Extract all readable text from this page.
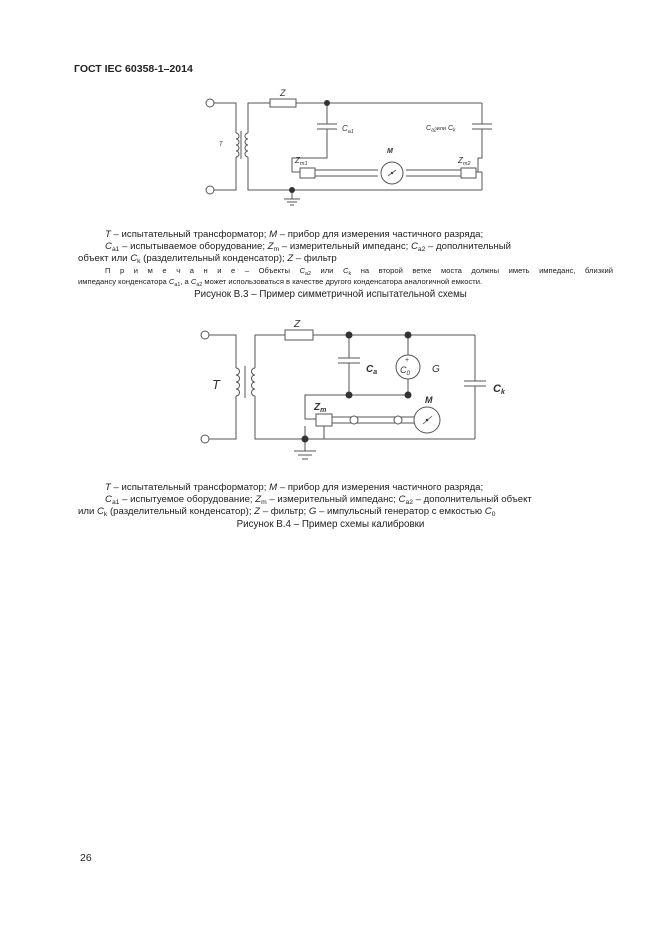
ГОСТ IEC 60358-1–2014
T
Z
$C_{a1}$	$C_{a2}^{или}$ $C_k$
$Z_{m1}$	$Z_{m2}$
M
T – испытательный трансформатор; M – прибор для измерения частичного разряда;
$C_{a1}$ – испытываемое оборудование; $Z_m$ – измерительный импеданс; $C_{a2}$ – дополнительный
объект или $C_k$ (разделительный конденсатор); Z – фильтр
П р и м е ч а н и е – Объекты $C_{a2}$ или $C_k$ на второй ветке моста должны иметь импеданс, близкий
импедансу конденсатора $C_{a1}$, а $C_{a2}$ может использоваться в качестве другого конденсатора аналогичной емкости.
Рисунок В.3 – Пример симметричной испытательной схемы
+
T
Z
$C_a$	$C_0$ G
Ck
$Z_m$
M
T – испытательный трансформатор; M – прибор для измерения частичного разряда;
$C_{a1}$ – испытуемое оборудование; $Z_m$ – измерительный импеданс; $C_{a2}$ – дополнительный объект
или $C_k$ (разделительный конденсатор); Z – фильтр; G – импульсный генератор с емкостью $C_0$
Рисунок В.4 – Пример схемы калибровки
26
